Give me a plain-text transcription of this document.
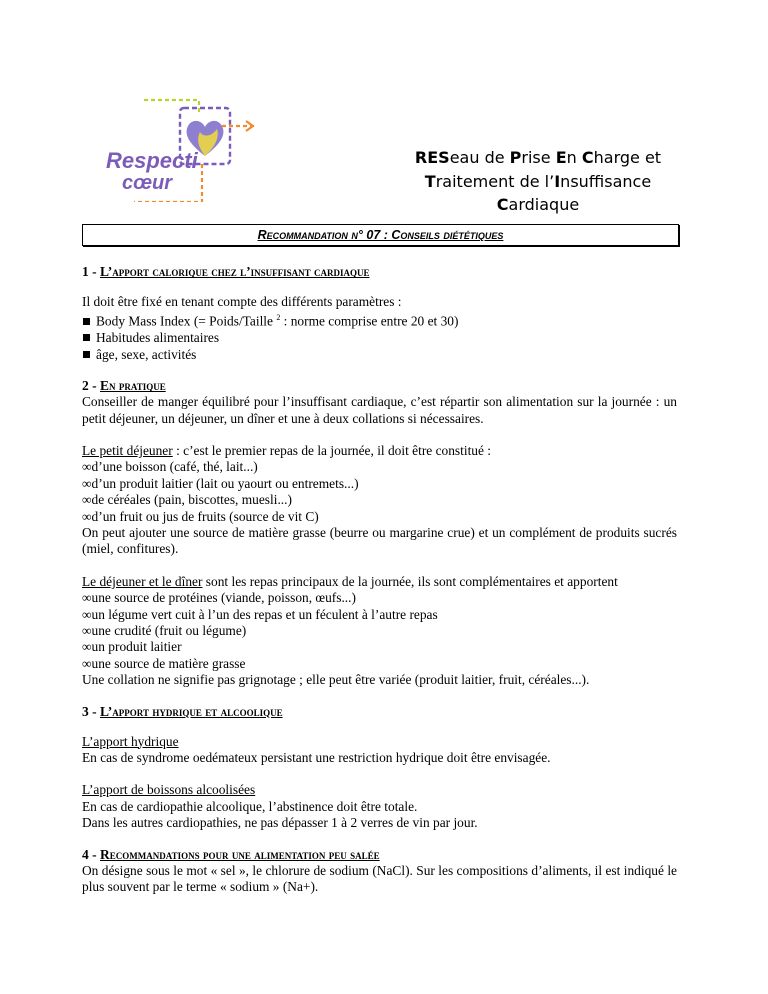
Respecti
cœur
RESeau de Prise En Charge et
Traitement de l’Insuffisance
Cardiaque
Recommandation n° 07 : Conseils diététiques
1 - L’apport calorique chez l’insuffisant cardiaque

Il doit être fixé en tenant compte des différents paramètres :

Body Mass Index (= Poids/Taille $^2$ : norme comprise entre 20 et 30)

Habitudes alimentaires

âge, sexe, activités

2 - En pratique

Conseiller de manger équilibré pour l’insuffisant cardiaque, c’est répartir son alimentation sur la journée : un petit déjeuner, un déjeuner, un dîner et une à deux collations si nécessaires.

Le petit déjeuner : c’est le premier repas de la journée, il doit être constitué :

∞d’une boisson (café, thé, lait...)

∞d’un produit laitier (lait ou yaourt ou entremets...)

∞de céréales (pain, biscottes, muesli...)

∞d’un fruit ou jus de fruits (source de vit C)

On peut ajouter une source de matière grasse (beurre ou margarine crue) et un complément de produits sucrés (miel, confitures).

Le déjeuner et le dîner sont les repas principaux de la journée, ils sont complémentaires et apportent

∞une source de protéines (viande, poisson, œufs...)

∞un légume vert cuit à l’un des repas et un féculent à l’autre repas

∞une crudité (fruit ou légume)

∞un produit laitier

∞une source de matière grasse

Une collation ne signifie pas grignotage ; elle peut être variée (produit laitier, fruit, céréales...).

3 - L’apport hydrique et alcoolique

L’apport hydrique

En cas de syndrome oedémateux persistant une restriction hydrique doit être envisagée.

L’apport de boissons alcoolisées

En cas de cardiopathie alcoolique, l’abstinence doit être totale.

Dans les autres cardiopathies, ne pas dépasser 1 à 2 verres de vin par jour.

4 - Recommandations pour une alimentation peu salée

On désigne sous le mot « sel », le chlorure de sodium (NaCl). Sur les compositions d’aliments, il est indiqué le plus souvent par le terme « sodium » (Na+).
